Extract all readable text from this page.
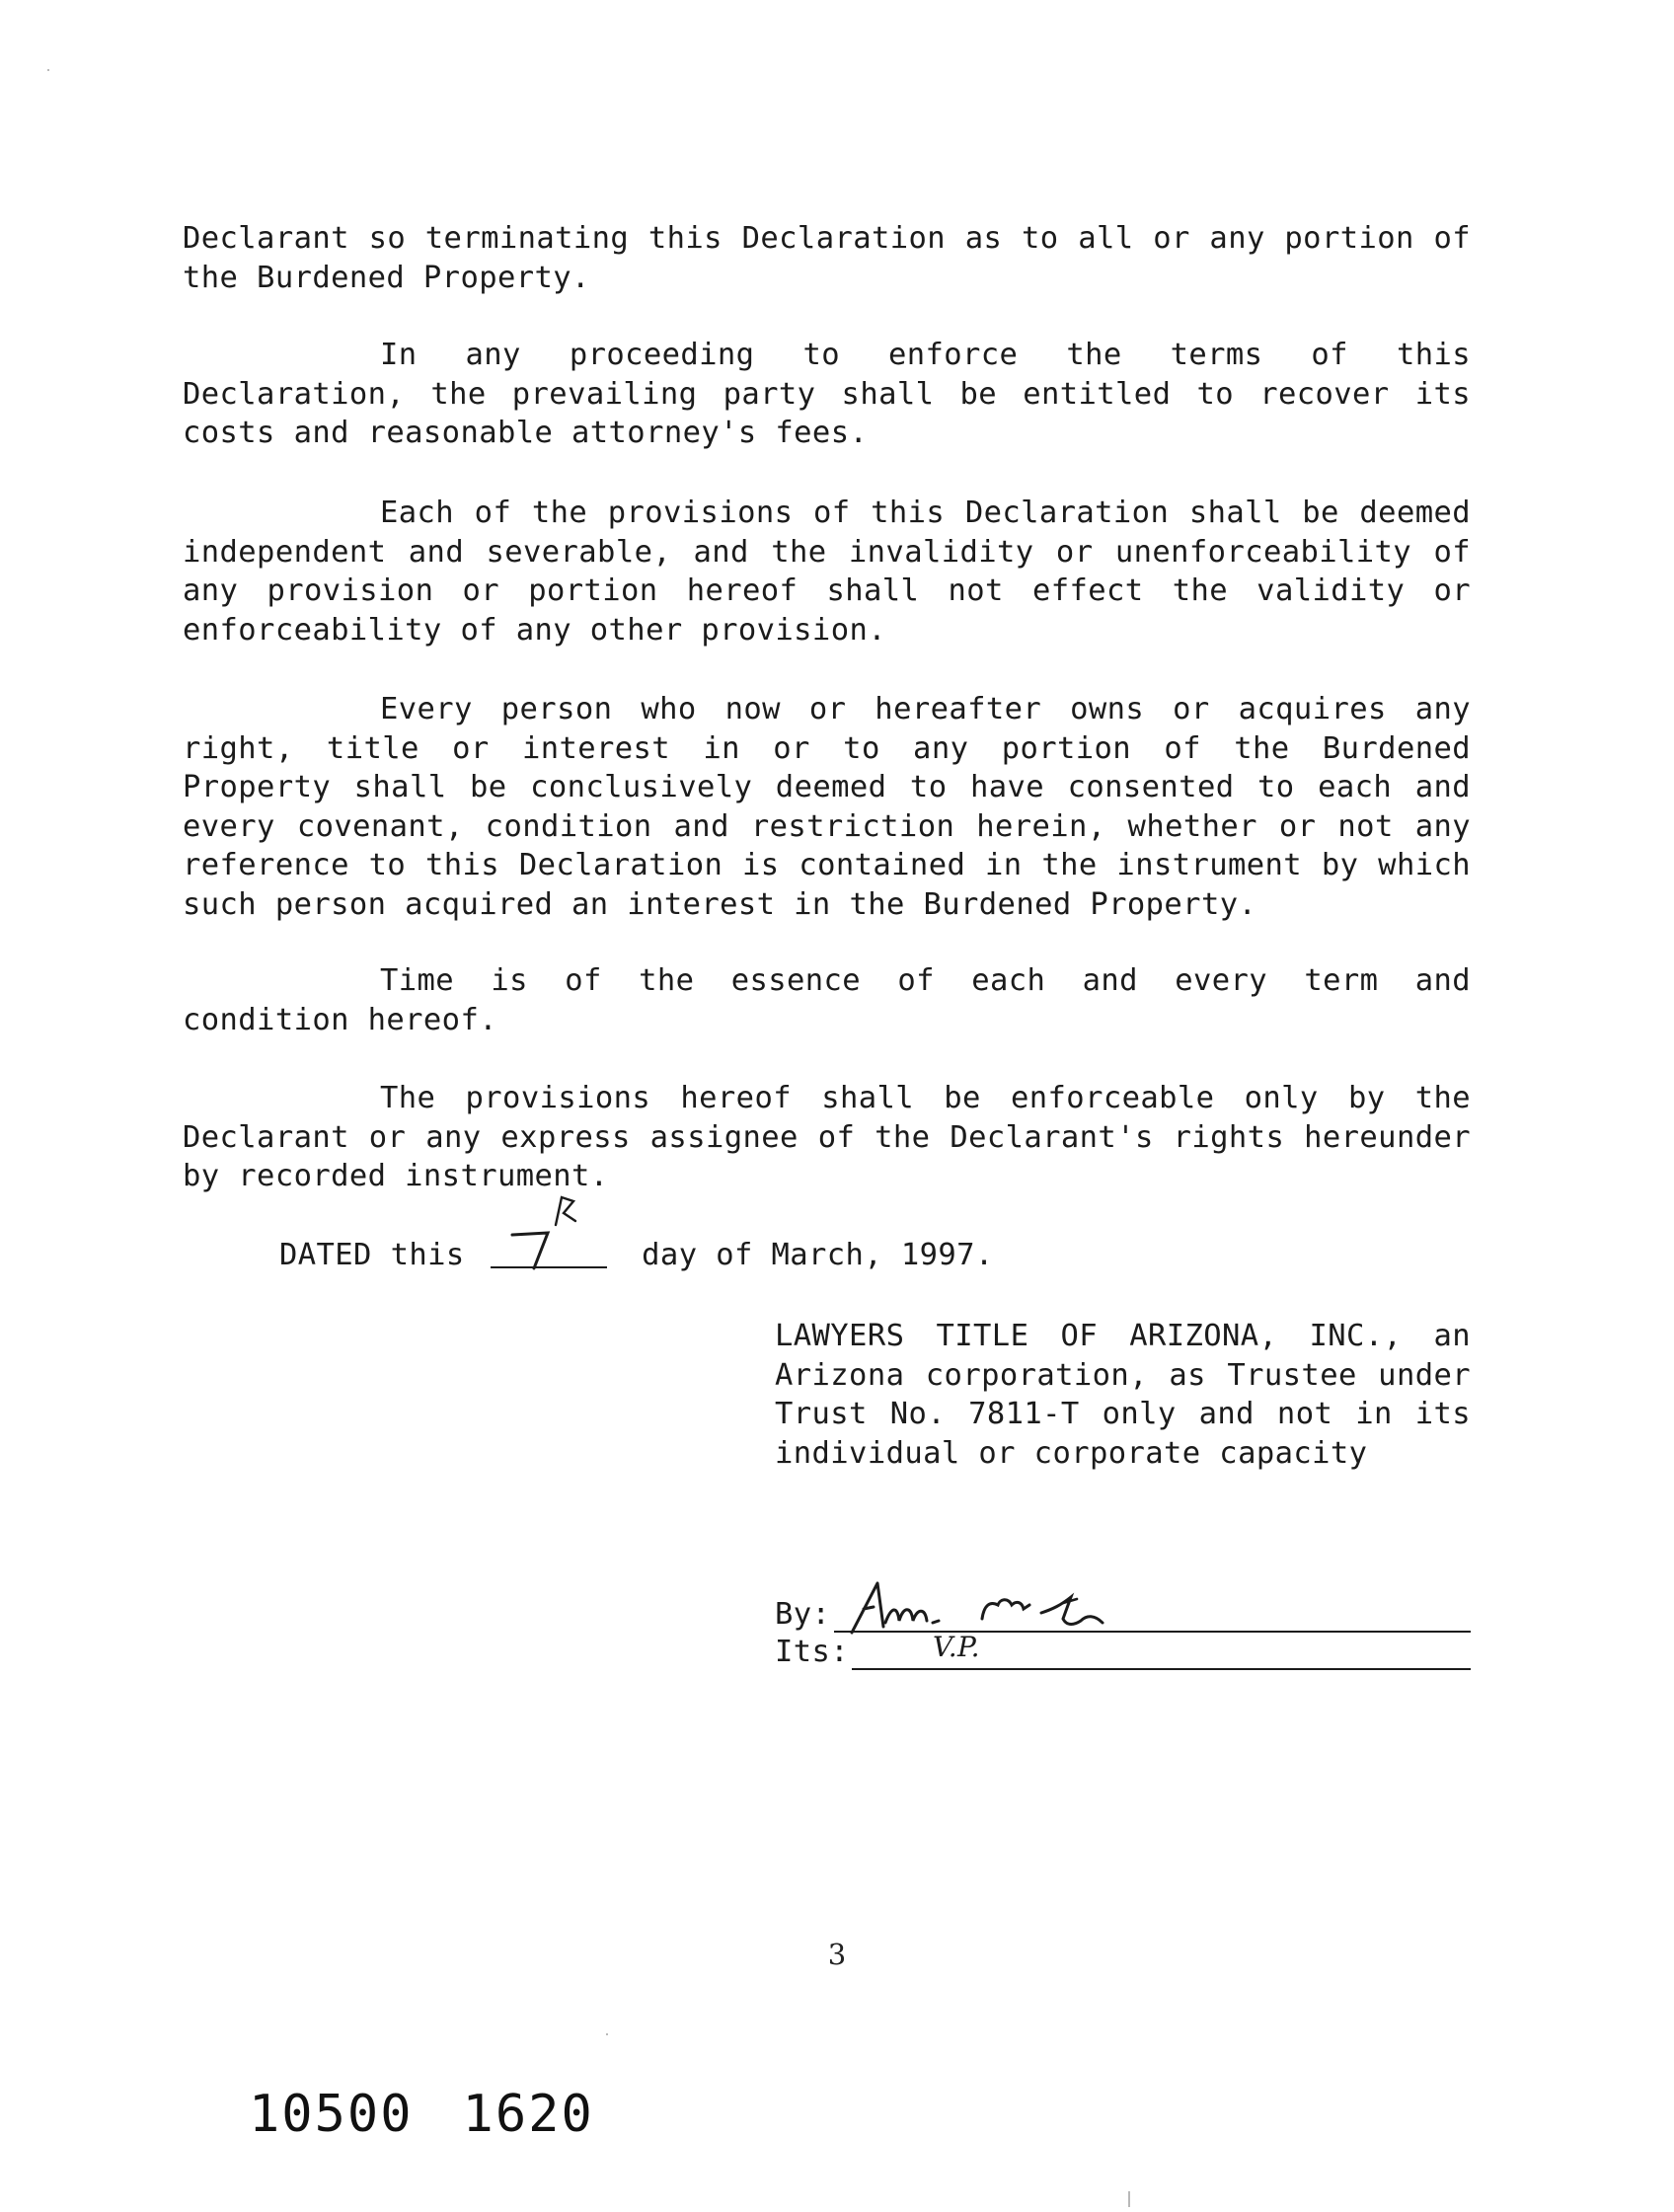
Declarant so terminating this Declaration as to all or any portion of the Burdened Property.

In any proceeding to enforce the terms of this Declaration, the prevailing party shall be entitled to recover its costs and reasonable attorney's fees.

Each of the provisions of this Declaration shall be deemed independent and severable, and the invalidity or unenforceability of any provision or portion hereof shall not effect the validity or enforceability of any other provision.

Every person who now or hereafter owns or acquires any right, title or interest in or to any portion of the Burdened Property shall be conclusively deemed to have consented to each and every covenant, condition and restriction herein, whether or not any reference to this Declaration is contained in the instrument by which such person acquired an interest in the Burdened Property.

Time is of the essence of each and every term and condition hereof.

The provisions hereof shall be enforceable only by the Declarant or any express assignee of the Declarant's rights hereunder by recorded instrument.

DATED this	day of March, 1997.

LAWYERS TITLE OF ARIZONA, INC., an Arizona corporation, as Trustee under Trust No. 7811-T only and not in its individual or corporate capacity

By:
Its:	V.P.
3
10500 1620
